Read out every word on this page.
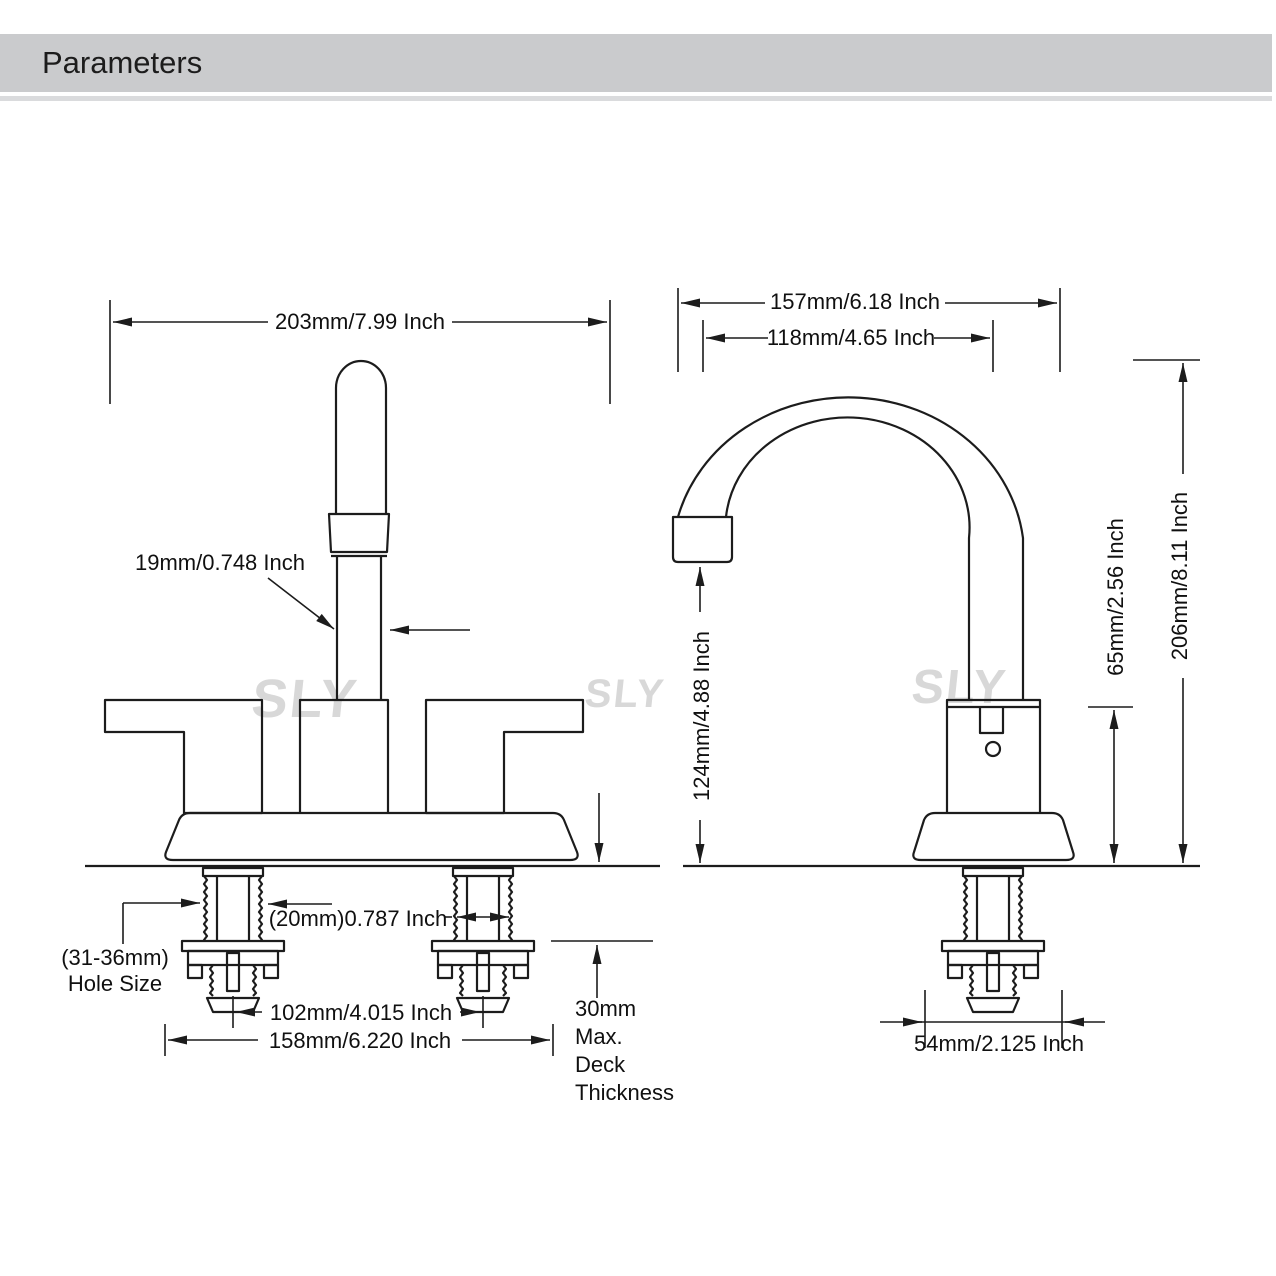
Parameters
SLY	SLY	SLY
203mm/7.99 Inch
19mm/0.748 Inch
(31-36mm)
Hole Size
(20mm)0.787 Inch
102mm/4.015 Inch
158mm/6.220 Inch
30mm
Max.
Deck
Thickness
157mm/6.18 Inch
118mm/4.65 Inch
124mm/4.88 Inch
65mm/2.56 Inch 206mm/8.11 Inch
54mm/2.125 Inch
